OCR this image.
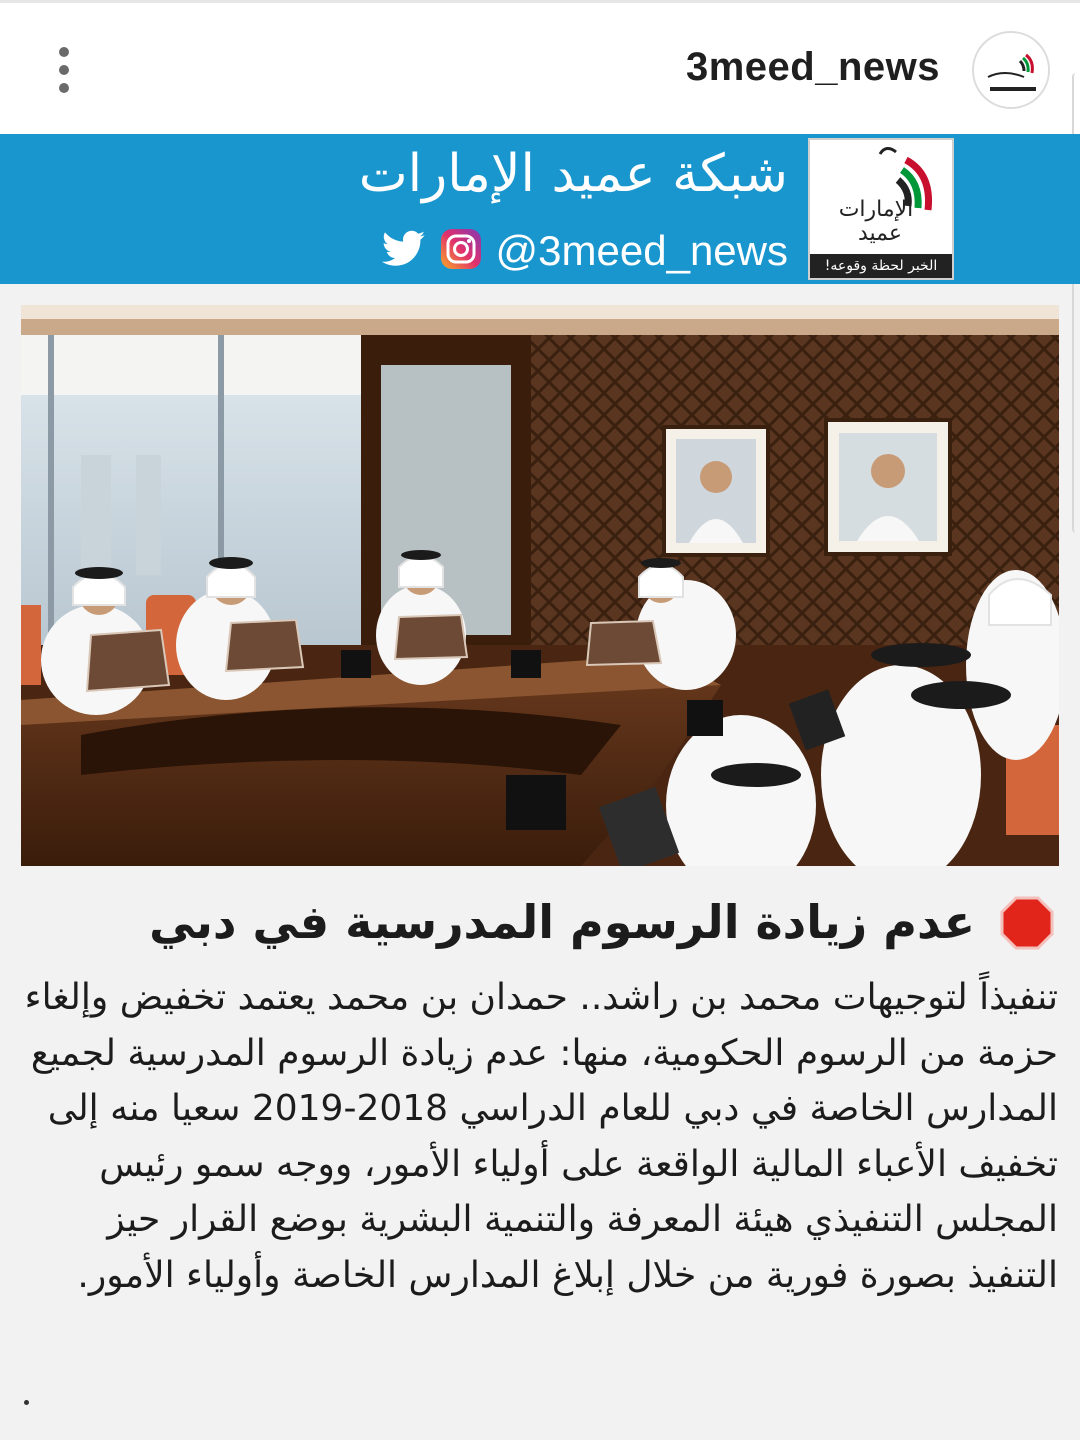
3meed_news
شبكة عميد الإمارات
@3meed_news
الإمارات
عميد
الخبر لحظة وقوعه!
عدم زيادة الرسوم المدرسية في دبي
تنفيذاً لتوجيهات محمد بن راشد.. حمدان بن محمد يعتمد تخفيض وإلغاء حزمة من الرسوم الحكومية، منها: عدم زيادة الرسوم المدرسية لجميع المدارس الخاصة في دبي للعام الدراسي 2018-2019 سعيا منه إلى تخفيف الأعباء المالية الواقعة على أولياء الأمور، ووجه سمو رئيس المجلس التنفيذي هيئة المعرفة والتنمية البشرية بوضع القرار حيز التنفيذ بصورة فورية من خلال إبلاغ المدارس الخاصة وأولياء الأمور.
